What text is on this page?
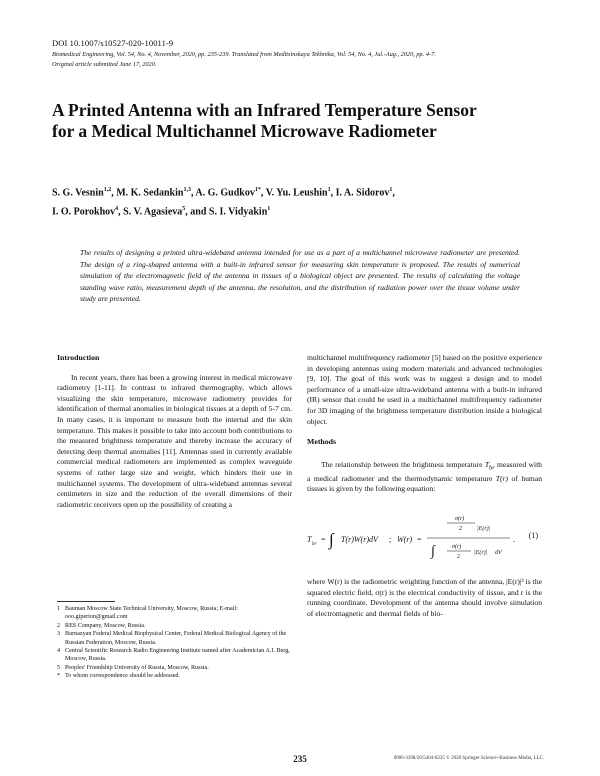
DOI 10.1007/s10527-020-10011-9
Biomedical Engineering, Vol. 54, No. 4, November, 2020, pp. 235-239. Translated from Meditsinskaya Tekhnika, Vol. 54, No. 4, Jul.-Aug., 2020, pp. 4-7.
Original article submitted June 17, 2020.
A Printed Antenna with an Infrared Temperature Sensor
for a Medical Multichannel Microwave Radiometer
S. G. Vesnin$^{1,2}$, M. K. Sedankin$^{1,3}$, A. G. Gudkov$^{1*}$, V. Yu. Leushin$^1$, I. A. Sidorov$^1$,
I. O. Porokhov$^4$, S. V. Agasieva$^5$, and S. I. Vidyakin$^1$
The results of designing a printed ultra-wideband antenna intended for use as a part of a multichannel microwave radiometer are presented. The design of a ring-shaped antenna with a built-in infrared sensor for measuring skin temperature is proposed. The results of numerical simulation of the electromagnetic field of the antenna in tissues of a biological object are presented. The results of calculating the voltage standing wave ratio, measurement depth of the antenna, the resolution, and the distribution of radiation power over the tissue volume under study are presented.
Introduction

In recent years, there has been a growing interest in medical microwave radiometry [1-11]. In contrast to infrared thermography, which allows visualizing the skin temperature, microwave radiometry provides for identification of thermal anomalies in biological tissues at a depth of 5-7 cm. In many cases, it is important to measure both the internal and the skin temperature. This makes it possible to take into account both contributions to the measured brightness temperature and thereby increase the accuracy of detecting deep thermal anomalies [11]. Antennas used in currently available commercial medical radiometers are implemented as complex waveguide systems of rather large size and weight, which hinders their use in multichannel systems. The development of ultra-wideband antennas several centimeters in size and the reduction of the overall dimensions of their radiometric receivers open up the possibility of creating a

1 Bauman Moscow State Technical University, Moscow, Russia; E-mail: ooo.giperion@gmail.com
2 RES Company, Moscow, Russia.
3 Burnazyan Federal Medical Biophysical Center, Federal Medical Biological Agency of the Russian Federation, Moscow, Russia.
4 Central Scientific Research Radio Engineering Institute named after Academician A.I. Berg, Moscow, Russia.
5 Peoples' Friendship University of Russia, Moscow, Russia.
* To whom correspondence should be addressed.

multichannel multifrequency radiometer [5] based on the positive experience in developing antennas using modern materials and advanced technologies [9, 10]. The goal of this work was to suggest a design and to model performance of a small-size ultra-wideband antenna with a built-in infrared (IR) sensor that could be used in a multichannel multifrequency radiometer for 3D imaging of the brightness temperature distribution inside a biological object.

Methods

The relationship between the brightness temperature $T_{br}$ measured with a medical radiometer and the thermodynamic temperature T(r) of human tissues is given by the following equation:

T
br
= ∫ T(r)W(r)dV ; W(r) =
σ(r)
2	|E(r)|
∫	σ(r)
2
|E(r)| dV
. (1)

where W(r) is the radiometric weighting function of the antenna, |E(r)|² is the squared electric field, σ(r) is the electrical conductivity of tissue, and r is the running coordinate. Development of the antenna should involve simulation of electromagnetic and thermal fields of bio-

235	0006-3398/20/5404-0235 © 2020 Springer Science+Business Media, LLC
